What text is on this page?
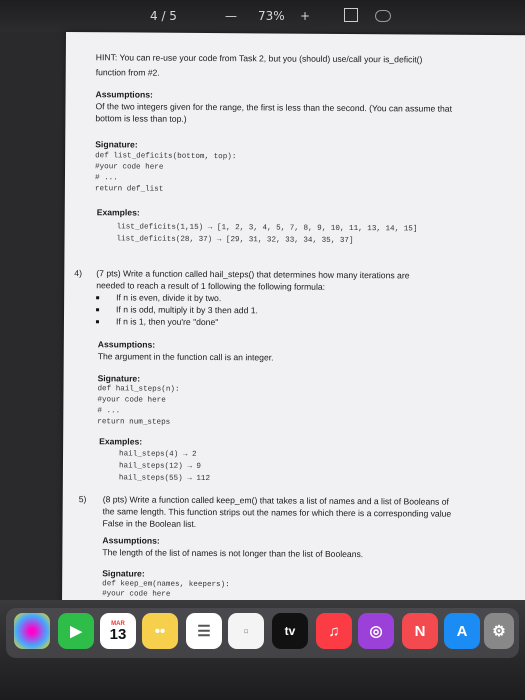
4 / 5	— 73% +
HINT: You can re-use your code from Task 2, but you (should) use/call your is_deficit()
function from #2.
Assumptions:
Of the two integers given for the range, the first is less than the second. (You can assume that
bottom is less than top.)
Signature:
def list_deficits(bottom, top):
#your code here
# ...
return def_list
Examples:
list_deficits(1,15) → [1, 2, 3, 4, 5, 7, 8, 9, 10, 11, 13, 14, 15]
list_deficits(28, 37) → [29, 31, 32, 33, 34, 35, 37]
4) (7 pts) Write a function called hail_steps() that determines how many iterations are
needed to reach a result of 1 following the following formula:
If n is even, divide it by two.
If n is odd, multiply it by 3 then add 1.
If n is 1, then you're "done"
Assumptions:
The argument in the function call is an integer.
Signature:
def hail_steps(n):
#your code here
# ...
return num_steps
Examples:
hail_steps(4) → 2
hail_steps(12) → 9
hail_steps(55) → 112
5) (8 pts) Write a function called keep_em() that takes a list of names and a list of Booleans of
the same length. This function strips out the names for which there is a corresponding value
False in the Boolean list.
Assumptions:
The length of the list of names is not longer than the list of Booleans.
Signature:
def keep_em(names, keepers):
#your code here
▶	MAR
13	••	☰	▫	tv	♫	◎	N	A	⚙
